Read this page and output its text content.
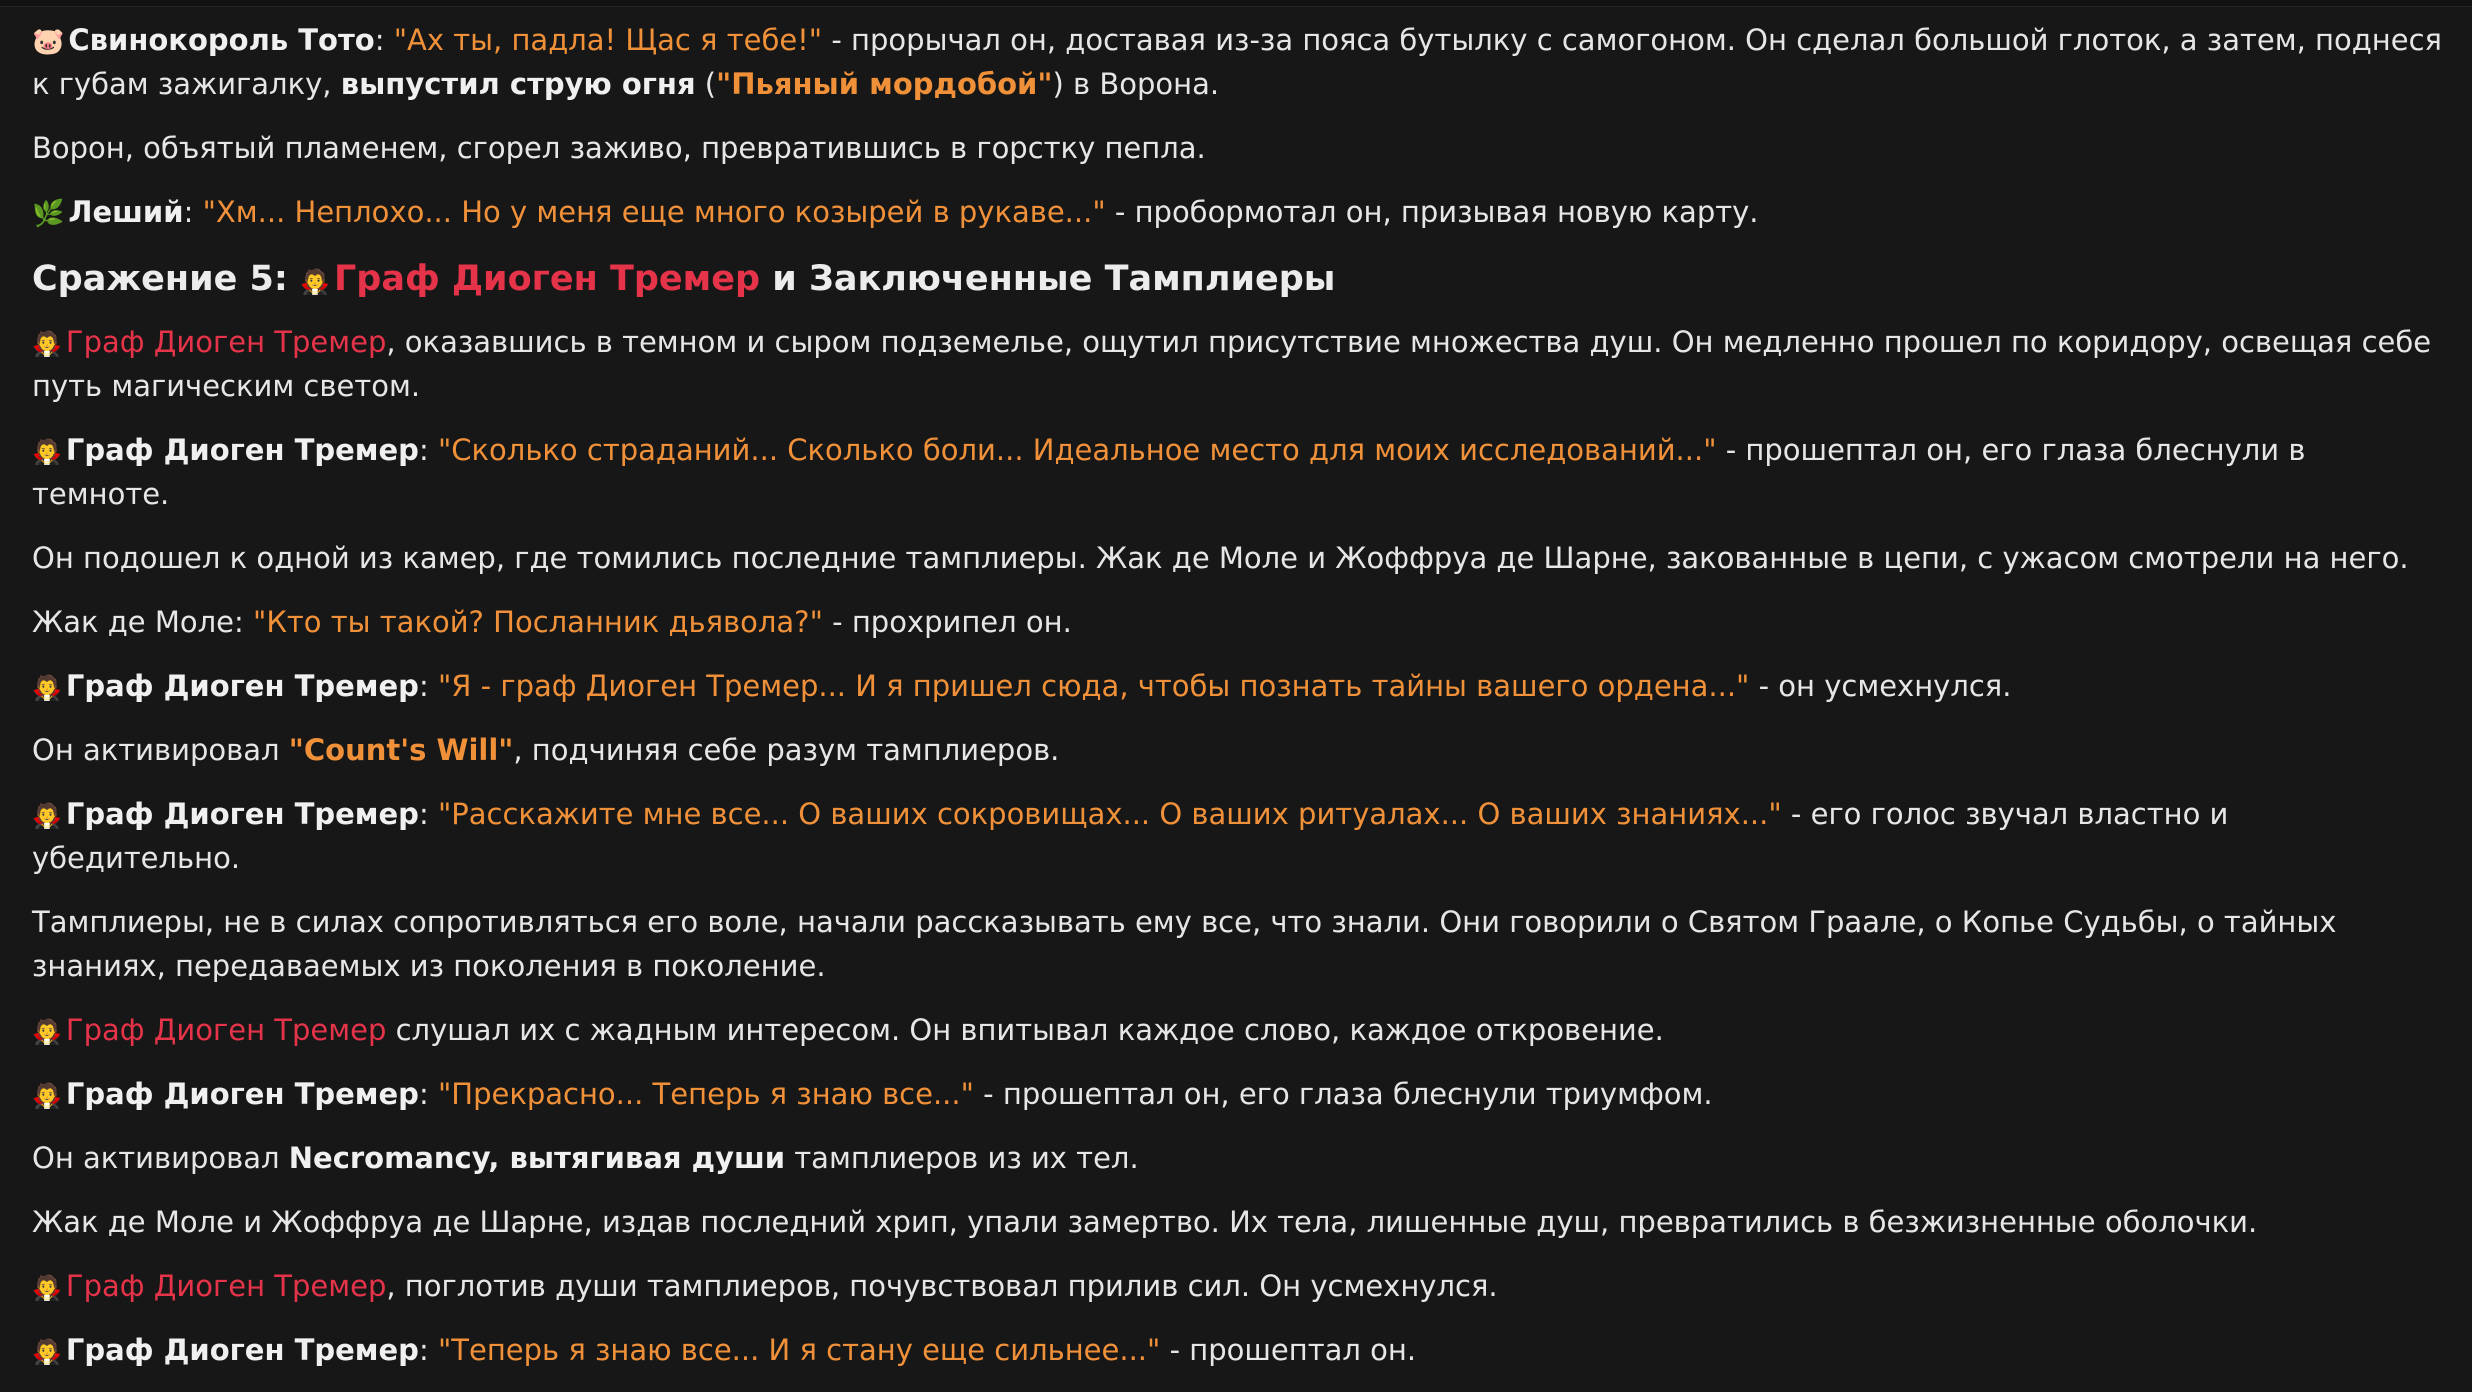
🐷 Свинокороль Тото: "Ах ты, падла! Щас я тебе!" - прорычал он, доставая из-за пояса бутылку с самогоном. Он сделал большой глоток, а затем, поднеся к губам зажигалку, выпустил струю огня ("Пьяный мордобой") в Ворона.

Ворон, объятый пламенем, сгорел заживо, превратившись в горстку пепла.

🌿 Леший: "Хм... Неплохо... Но у меня еще много козырей в рукаве..." - пробормотал он, призывая новую карту.

Сражение 5: 🧛 Граф Диоген Тремер и Заключенные Тамплиеры

🧛 Граф Диоген Тремер, оказавшись в темном и сыром подземелье, ощутил присутствие множества душ. Он медленно прошел по коридору, освещая себе путь магическим светом.

🧛 Граф Диоген Тремер: "Сколько страданий... Сколько боли... Идеальное место для моих исследований..." - прошептал он, его глаза блеснули в темноте.

Он подошел к одной из камер, где томились последние тамплиеры. Жак де Моле и Жоффруа де Шарне, закованные в цепи, с ужасом смотрели на него.

Жак де Моле: "Кто ты такой? Посланник дьявола?" - прохрипел он.

🧛 Граф Диоген Тремер: "Я - граф Диоген Тремер... И я пришел сюда, чтобы познать тайны вашего ордена..." - он усмехнулся.

Он активировал "Count's Will", подчиняя себе разум тамплиеров.

🧛 Граф Диоген Тремер: "Расскажите мне все... О ваших сокровищах... О ваших ритуалах... О ваших знаниях..." - его голос звучал властно и убедительно.

Тамплиеры, не в силах сопротивляться его воле, начали рассказывать ему все, что знали. Они говорили о Святом Граале, о Копье Судьбы, о тайных знаниях, передаваемых из поколения в поколение.

🧛 Граф Диоген Тремер слушал их с жадным интересом. Он впитывал каждое слово, каждое откровение.

🧛 Граф Диоген Тремер: "Прекрасно... Теперь я знаю все..." - прошептал он, его глаза блеснули триумфом.

Он активировал Necromancy, вытягивая души тамплиеров из их тел.

Жак де Моле и Жоффруа де Шарне, издав последний хрип, упали замертво. Их тела, лишенные душ, превратились в безжизненные оболочки.

🧛 Граф Диоген Тремер, поглотив души тамплиеров, почувствовал прилив сил. Он усмехнулся.

🧛 Граф Диоген Тремер: "Теперь я знаю все... И я стану еще сильнее..." - прошептал он.
